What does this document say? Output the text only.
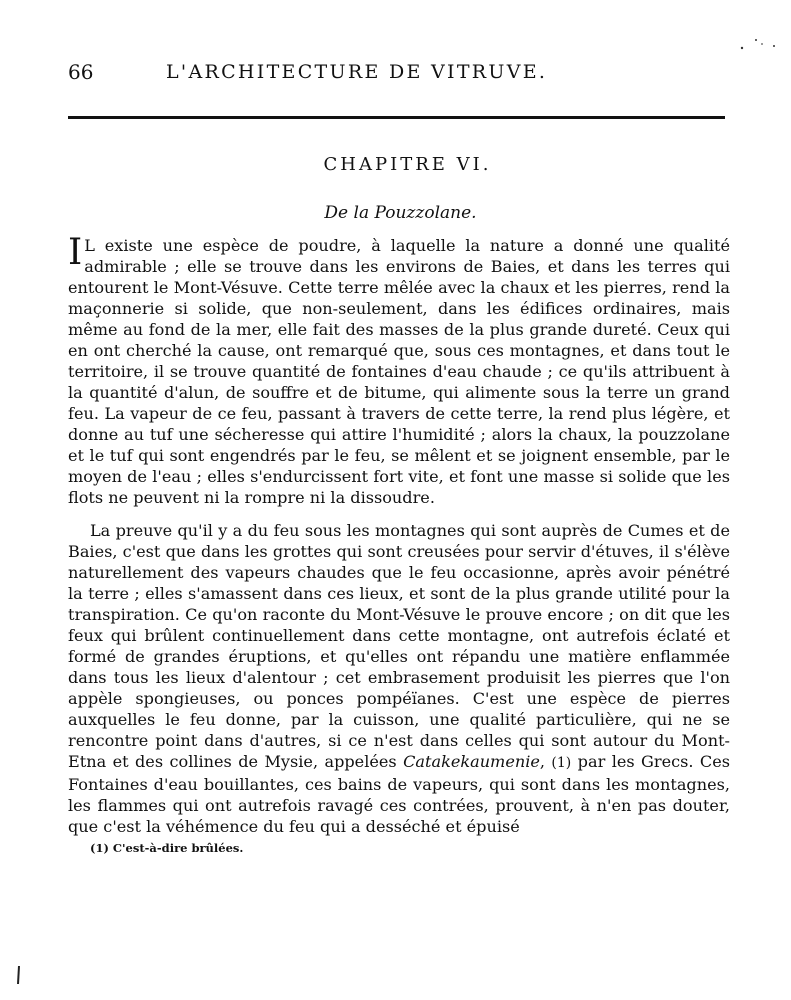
66	L'ARCHITECTURE DE VITRUVE.
CHAPITRE VI.
De la Pouzzolane.

I L existe une espèce de poudre, à laquelle la nature a donné une qualité admirable ; elle se trouve dans les environs de Baies, et dans les terres qui entourent le Mont-Vésuve. Cette terre mêlée avec la chaux et les pierres, rend la maçonnerie si solide, que non-seulement, dans les édifices ordinaires, mais même au fond de la mer, elle fait des masses de la plus grande dureté. Ceux qui en ont cherché la cause, ont remarqué que, sous ces montagnes, et dans tout le territoire, il se trouve quantité de fontaines d'eau chaude ; ce qu'ils attribuent à la quantité d'alun, de souffre et de bitume, qui alimente sous la terre un grand feu. La vapeur de ce feu, passant à travers de cette terre, la rend plus légère, et donne au tuf une sécheresse qui attire l'humidité ; alors la chaux, la pouzzolane et le tuf qui sont engendrés par le feu, se mêlent et se joignent ensemble, par le moyen de l'eau ; elles s'endurcissent fort vite, et font une masse si solide que les flots ne peuvent ni la rompre ni la dissoudre.

La preuve qu'il y a du feu sous les montagnes qui sont auprès de Cumes et de Baies, c'est que dans les grottes qui sont creusées pour servir d'étuves, il s'élève naturellement des vapeurs chaudes que le feu occasionne, après avoir pénétré la terre ; elles s'amassent dans ces lieux, et sont de la plus grande utilité pour la transpiration. Ce qu'on raconte du Mont-Vésuve le prouve encore ; on dit que les feux qui brûlent continuellement dans cette montagne, ont autrefois éclaté et formé de grandes éruptions, et qu'elles ont répandu une matière enflammée dans tous les lieux d'alentour ; cet embrasement produisit les pierres que l'on appèle spongieuses, ou ponces pompéïanes. C'est une espèce de pierres auxquelles le feu donne, par la cuisson, une qualité particulière, qui ne se rencontre point dans d'autres, si ce n'est dans celles qui sont autour du Mont-Etna et des collines de Mysie, appelées Catakekaumenie, (1) par les Grecs. Ces Fontaines d'eau bouillantes, ces bains de vapeurs, qui sont dans les montagnes, les flammes qui ont autrefois ravagé ces contrées, prouvent, à n'en pas douter, que c'est la véhémence du feu qui a desséché et épuisé

(1) C'est-à-dire brûlées.
